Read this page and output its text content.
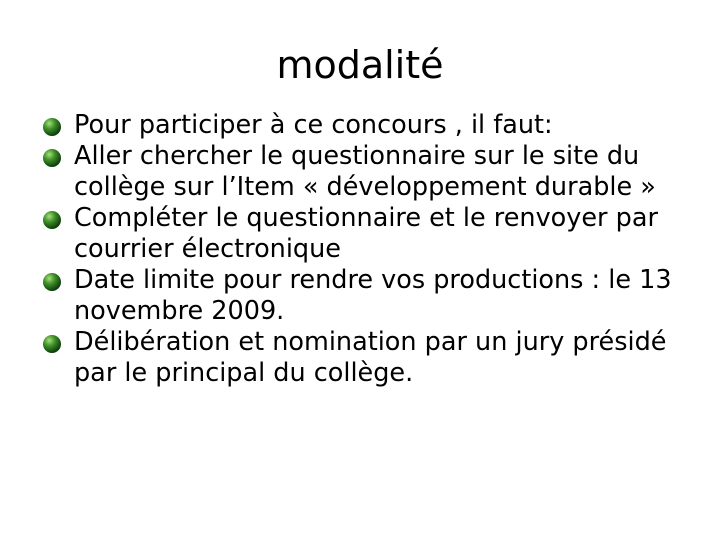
modalité
Pour participer à ce concours , il faut:
Aller chercher le questionnaire sur le site du collège sur l’Item « développement durable »
Compléter le questionnaire et le renvoyer par courrier électronique
Date limite pour rendre vos productions : le 13 novembre 2009.
Délibération et nomination par un jury présidé par le principal du collège.
